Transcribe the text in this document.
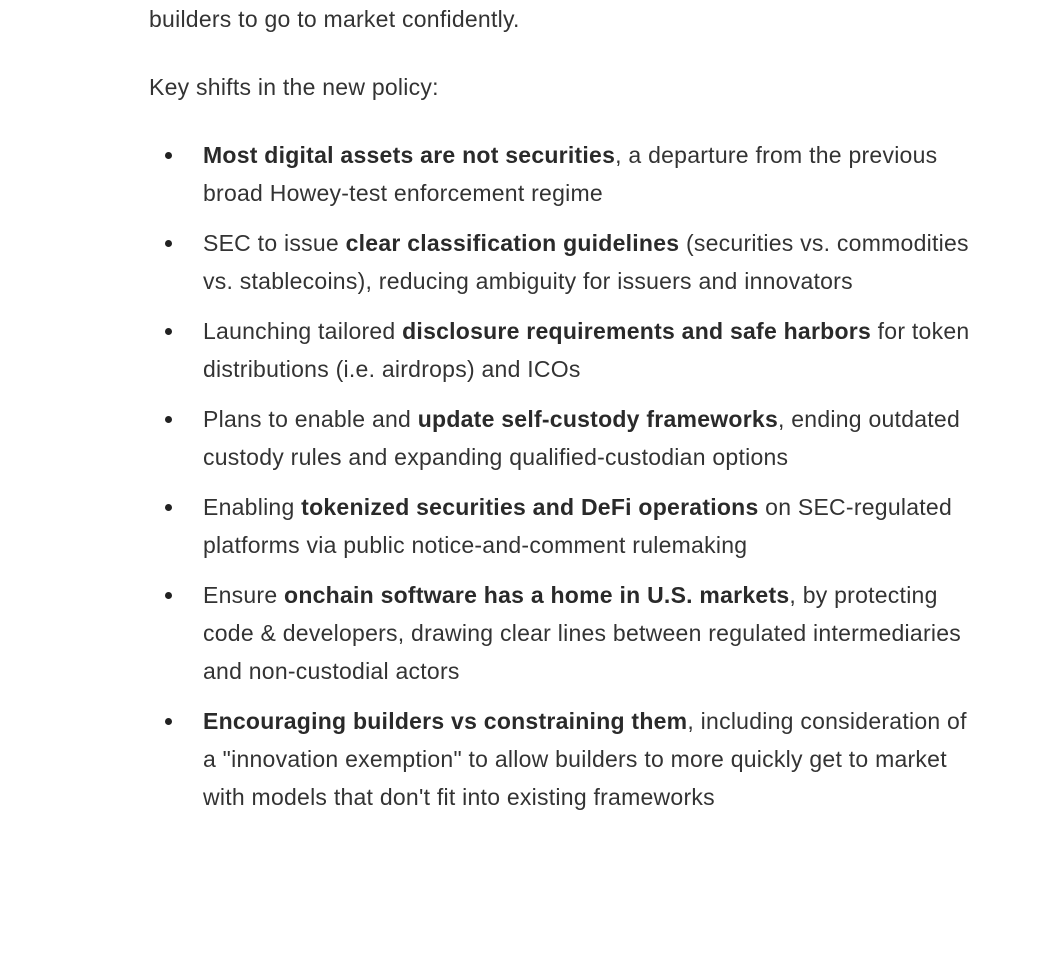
builders to go to market confidently.

Key shifts in the new policy:

Most digital assets are not securities, a departure from the previous broad Howey-test enforcement regime
SEC to issue clear classification guidelines (securities vs. commodities vs. stablecoins), reducing ambiguity for issuers and innovators
Launching tailored disclosure requirements and safe harbors for token distributions (i.e. airdrops) and ICOs
Plans to enable and update self-custody frameworks, ending outdated custody rules and expanding qualified-custodian options
Enabling tokenized securities and DeFi operations on SEC-regulated platforms via public notice-and-comment rulemaking
Ensure onchain software has a home in U.S. markets, by protecting code & developers, drawing clear lines between regulated intermediaries and non-custodial actors
Encouraging builders vs constraining them, including consideration of a "innovation exemption" to allow builders to more quickly get to market with models that don't fit into existing frameworks
